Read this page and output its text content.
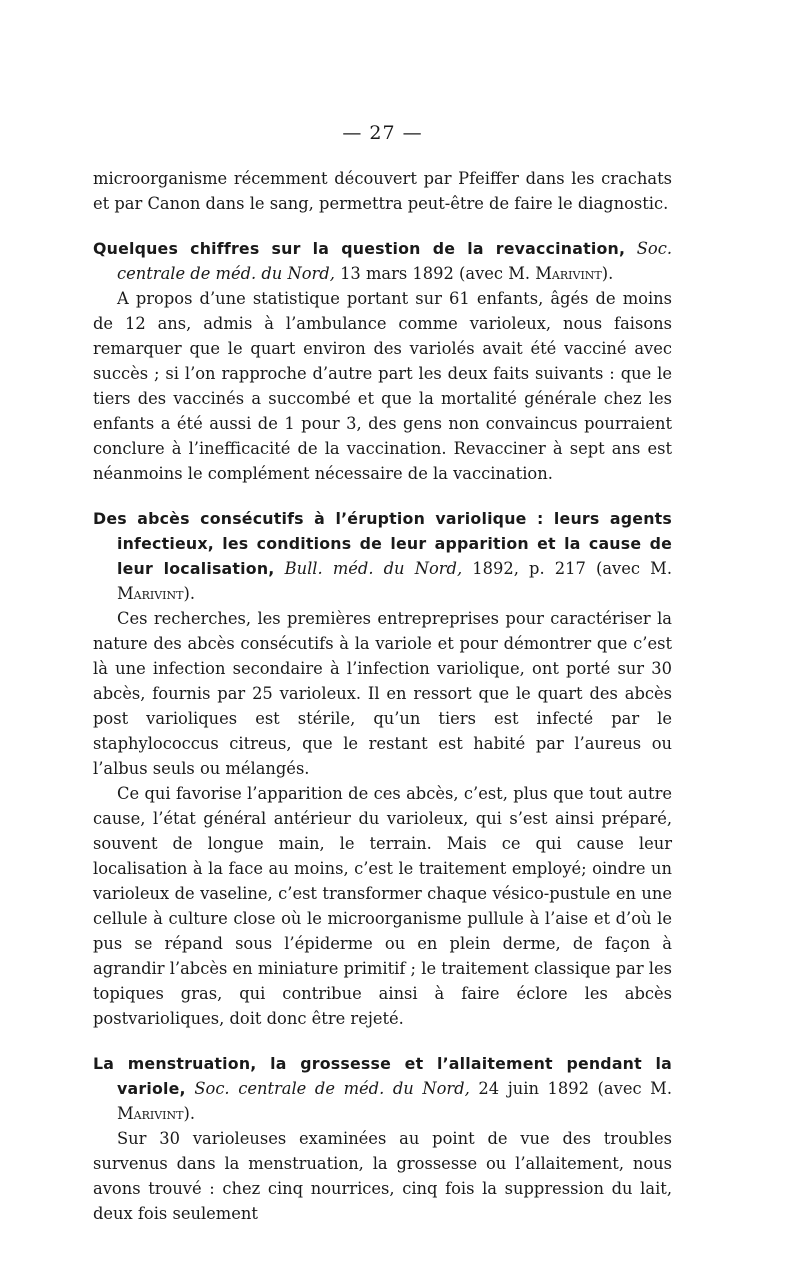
— 27 —

microorganisme récemment découvert par Pfeiffer dans les crachats et par Canon dans le sang, permettra peut-être de faire le diagnostic.

Quelques chiffres sur la question de la revaccination, Soc. centrale de méd. du Nord, 13 mars 1892 (avec M. Marivint).

A propos d’une statistique portant sur 61 enfants, âgés de moins de 12 ans, admis à l’ambulance comme varioleux, nous faisons remarquer que le quart environ des variolés avait été vacciné avec succès ; si l’on rapproche d’autre part les deux faits suivants : que le tiers des vaccinés a succombé et que la mortalité générale chez les enfants a été aussi de 1 pour 3, des gens non convaincus pourraient conclure à l’inefficacité de la vaccination. Revacciner à sept ans est néanmoins le complément nécessaire de la vaccination.

Des abcès consécutifs à l’éruption variolique : leurs agents infectieux, les conditions de leur apparition et la cause de leur localisation, Bull. méd. du Nord, 1892, p. 217 (avec M. Marivint).

Ces recherches, les premières entrepreprises pour caractériser la nature des abcès consécutifs à la variole et pour démontrer que c’est là une infection secondaire à l’infection variolique, ont porté sur 30 abcès, fournis par 25 varioleux. Il en ressort que le quart des abcès post varioliques est stérile, qu’un tiers est infecté par le staphylococcus citreus, que le restant est habité par l’aureus ou l’albus seuls ou mélangés.

Ce qui favorise l’apparition de ces abcès, c’est, plus que tout autre cause, l’état général antérieur du varioleux, qui s’est ainsi préparé, souvent de longue main, le terrain. Mais ce qui cause leur localisation à la face au moins, c’est le traitement employé; oindre un varioleux de vaseline, c’est transformer chaque vésico-pustule en une cellule à culture close où le microorganisme pullule à l’aise et d’où le pus se répand sous l’épiderme ou en plein derme, de façon à agrandir l’abcès en miniature primitif ; le traitement classique par les topiques gras, qui contribue ainsi à faire éclore les abcès postvarioliques, doit donc être rejeté.

La menstruation, la grossesse et l’allaitement pendant la variole, Soc. centrale de méd. du Nord, 24 juin 1892 (avec M. Marivint).

Sur 30 varioleuses examinées au point de vue des troubles survenus dans la menstruation, la grossesse ou l’allaitement, nous avons trouvé : chez cinq nourrices, cinq fois la suppression du lait, deux fois seulement
